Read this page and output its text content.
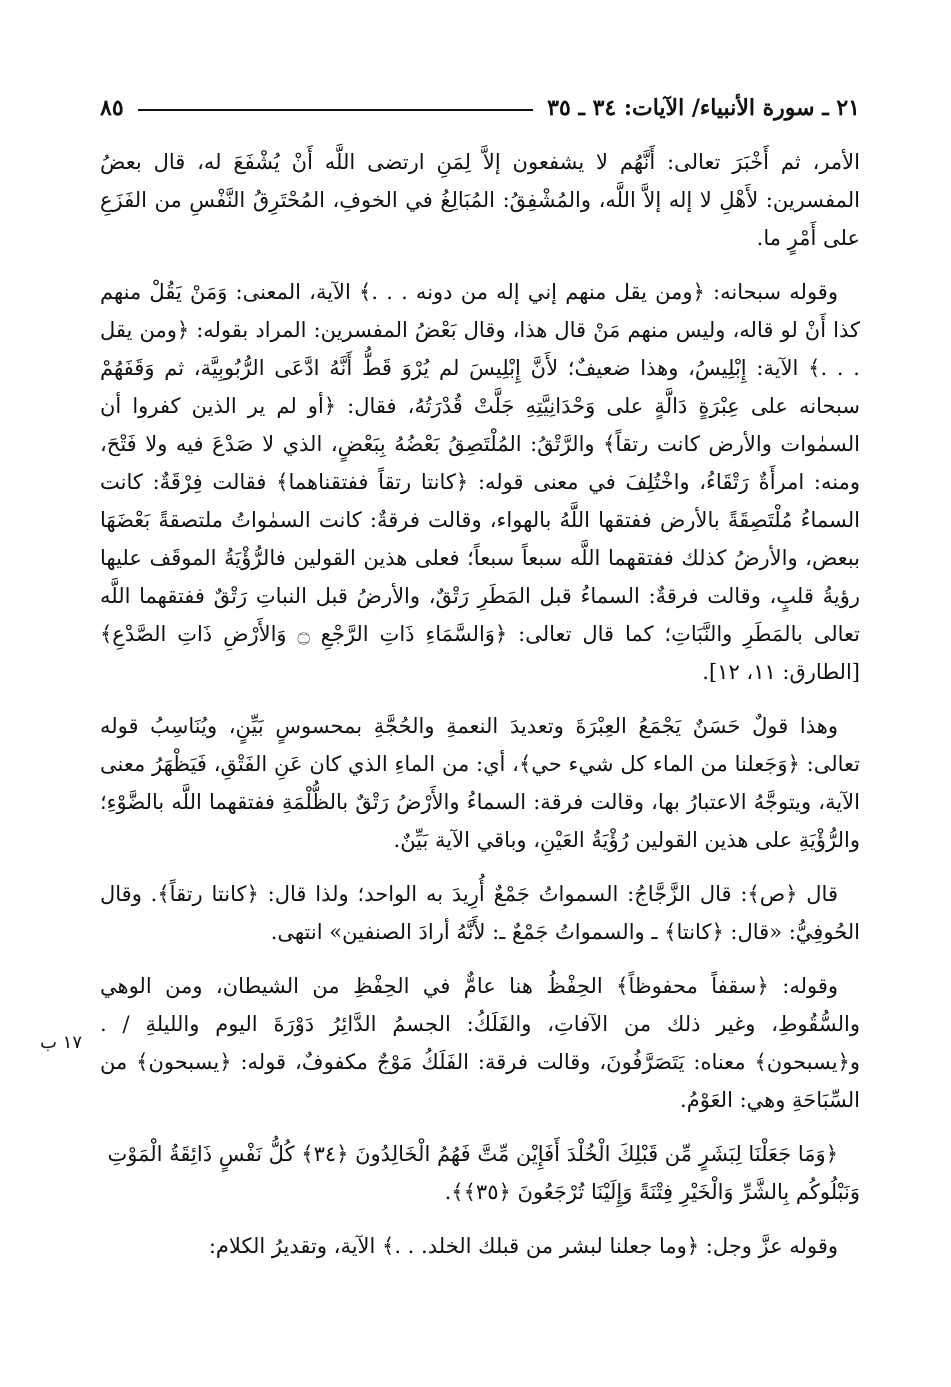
٢١ ـ سورة الأنبياء/ الآيات: ٣٤ ـ ٣٥
٨٥
١٧ ب

الأمر، ثم أَخْبَرَ تعالى: أَنَّهُم لا يشفعون إلاَّ لِمَنِ ارتضى اللَّه أَنْ يُشْفَعَ له، قال بعضُ المفسرين: لأَهْلِ لا إله إلاَّ اللَّه، والمُشْفِقُ: المُبَالِغُ في الخوفِ، المُحْتَرِقُ النَّفْسِ من الفَزَعِ على أَمْرٍ ما.

وقوله سبحانه: ﴿ومن يقل منهم إني إله من دونه . . .﴾ الآية، المعنى: وَمَنْ يَقُلْ منهم كذا أَنْ لو قاله، وليس منهم مَنْ قال هذا، وقال بَعْضُ المفسرين: المراد بقوله: ﴿ومن يقل . . .﴾ الآية: إِبْلِيسُ، وهذا ضعيفٌ؛ لأَنَّ إِبْلِيسَ لم يُرْوَ قَطُّ أَنَّهُ ادَّعَى الرُّبُوبِيَّة، ثم وَقَفَهُمْ سبحانه على عِبْرَةٍ دَالَّةٍ على وَحْدَانِيَّتِهِ جَلَّتْ قُدْرَتُهُ، فقال: ﴿أو لم ير الذين كفروا أن السمٰوات والأرض كانت رتقاً﴾ والرَّتْقُ: المُلْتَصِقُ بَعْضُهُ بِبَعْضٍ، الذي لا صَدْعَ فيه ولا فَتْحَ، ومنه: امرأَةٌ رَتْقَاءُ، واخْتُلِفَ في معنى قوله: ﴿كانتا رتقاً ففتقناهما﴾ فقالت فِرْقَةٌ: كانت السماءُ مُلْتَصِقَةً بالأرض ففتقها اللَّهُ بالهواء، وقالت فرقةٌ: كانت السمٰواتُ ملتصقةً بَعْضَهَا ببعض، والأرضُ كذلك ففتقهما اللَّه سبعاً سبعاً؛ فعلى هذين القولين فالرُّؤْيَةُ الموقَف عليها رؤيةُ قلبٍ، وقالت فرقةٌ: السماءُ قبل المَطَرِ رَتْقٌ، والأرضُ قبل النباتِ رَتْقٌ ففتقهما اللَّه تعالى بالمَطَرِ والنَّبَاتِ؛ كما قال تعالى: ﴿وَالسَّمَاءِ ذَاتِ الرَّجْعِ ۝ وَالأَرْضِ ذَاتِ الصَّدْعِ﴾ [الطارق: ١١، ١٢].

وهذا قولٌ حَسَنٌ يَجْمَعُ العِبْرَةَ وتعديدَ النعمةِ والحُجَّةِ بمحسوسٍ بَيِّنٍ، ويُنَاسِبُ قوله تعالى: ﴿وَجَعلنا من الماء كل شيء حي﴾، أي: من الماءِ الذي كان عَنِ الفَتْقِ، فَيَظْهَرُ معنى الآية، ويتوجَّهُ الاعتبارُ بها، وقالت فرقة: السماءُ والأَرْضُ رَتْقٌ بالظُّلْمَةِ ففتقهما اللَّه بالضَّوْءِ؛ والرُّؤْيَةِ على هذين القولين رُؤْيَةُ العَيْنِ، وباقي الآية بَيِّنٌ.

قال ﴿ص﴾: قال الزَّجَّاجُ: السمواتُ جَمْعٌ أُرِيدَ به الواحد؛ ولذا قال: ﴿كانتا رتقاً﴾. وقال الحُوفِيُّ: «قال: ﴿كانتا﴾ ـ والسمواتُ جَمْعٌ ـ: لأَنَّهُ أرادَ الصنفين» انتهى.

وقوله: ﴿سقفاً محفوظاً﴾ الحِفْظُ هنا عامٌّ في الحِفْظِ من الشيطان، ومن الوهي والسُّقُوطِ، وغير ذلك من الآفاتِ، والفَلَكُ: الجسمُ الدَّائِرُ دَوْرَةَ اليوم والليلةِ / . و﴿يسبحون﴾ معناه: يَتَصَرَّفُونَ، وقالت فرقة: الفَلَكُ مَوْجٌ مكفوفٌ، قوله: ﴿يسبحون﴾ من السِّبَاحَةِ وهي: العَوْمُ.

﴿وَمَا جَعَلْنَا لِبَشَرٍ مِّن قَبْلِكَ الْخُلْدَ أَفَإِيْن مِّتَّ فَهُمُ الْخَالِدُونَ ﴿٣٤﴾ كُلُّ نَفْسٍ ذَائِقَةُ الْمَوْتِ وَنَبْلُوكُم بِالشَّرِّ وَالْخَيْرِ فِتْنَةً وَإِلَيْنَا تُرْجَعُونَ ﴿٣٥﴾﴾.

وقوله عزَّ وجل: ﴿وما جعلنا لبشر من قبلك الخلد. . .﴾ الآية، وتقديرُ الكلام:
